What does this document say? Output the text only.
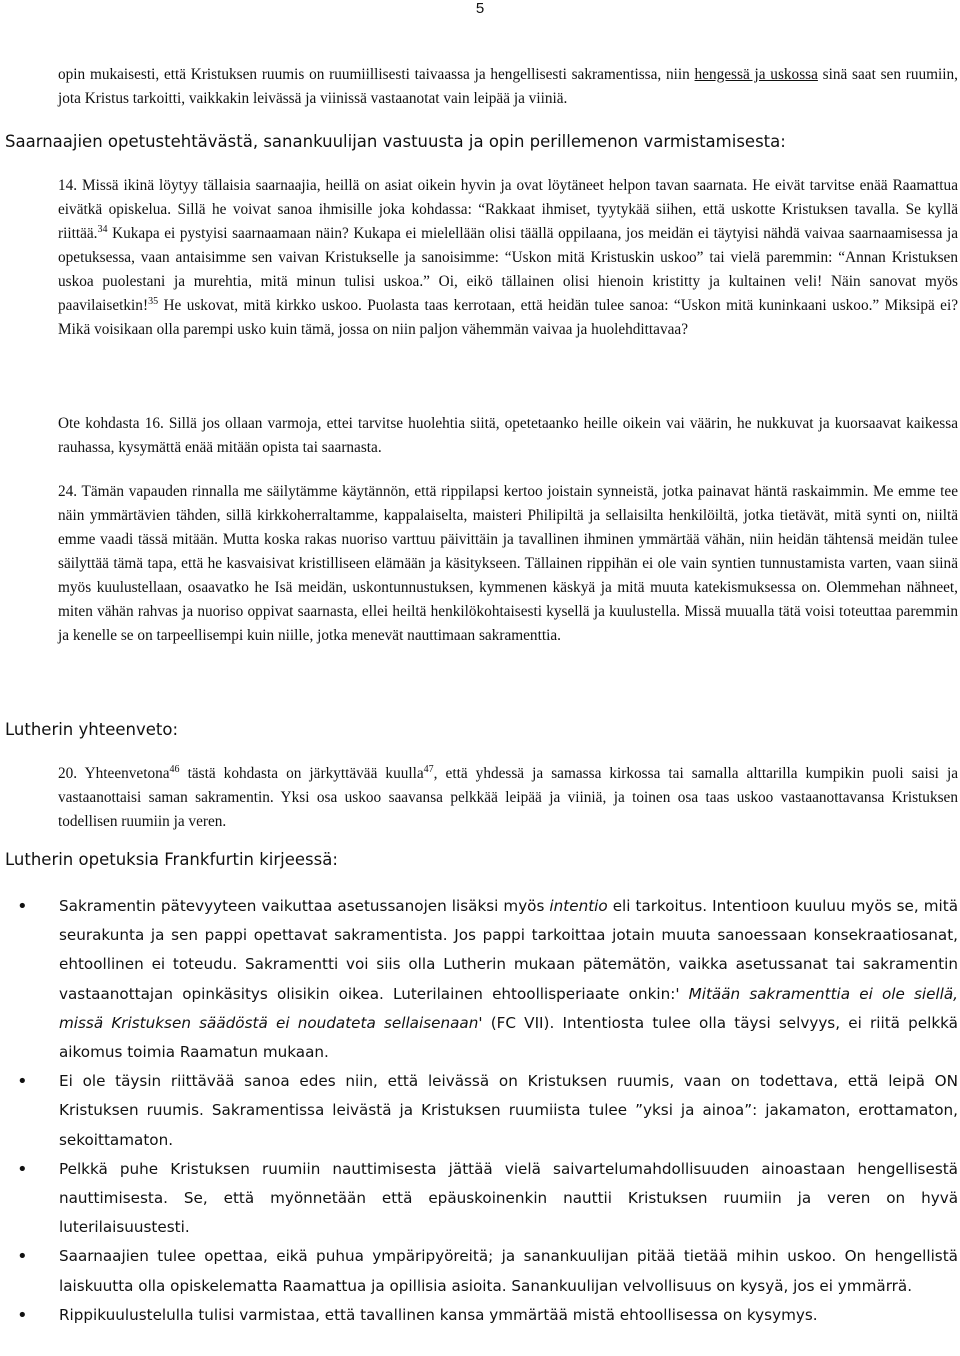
5
opin mukaisesti, että Kristuksen ruumis on ruumiillisesti taivaassa ja hengellisesti sakramentissa, niin hengessä ja uskossa sinä saat sen ruumiin, jota Kristus tarkoitti, vaikkakin leivässä ja viinissä vastaanotat vain leipää ja viiniä.
Saarnaajien opetustehtävästä, sanankuulijan vastuusta ja opin perillemenon varmistamisesta:
14. Missä ikinä löytyy tällaisia saarnaajia, heillä on asiat oikein hyvin ja ovat löytäneet helpon tavan saarnata. He eivät tarvitse enää Raamattua eivätkä opiskelua. Sillä he voivat sanoa ihmisille joka kohdassa: “Rakkaat ihmiset, tyytykää siihen, että uskotte Kristuksen tavalla. Se kyllä riittää.$^{34}$ Kukapa ei pystyisi saarnaamaan näin? Kukapa ei mielellään olisi täällä oppilaana, jos meidän ei täytyisi nähdä vaivaa saarnaamisessa ja opetuksessa, vaan antaisimme sen vaivan Kristukselle ja sanoisimme: “Uskon mitä Kristuskin uskoo” tai vielä paremmin: “Annan Kristuksen uskoa puolestani ja murehtia, mitä minun tulisi uskoa.” Oi, eikö tällainen olisi hienoin kristitty ja kultainen veli! Näin sanovat myös paavilaisetkin!$^{35}$ He uskovat, mitä kirkko uskoo. Puolasta taas kerrotaan, että heidän tulee sanoa: “Uskon mitä kuninkaani uskoo.” Miksipä ei? Mikä voisikaan olla parempi usko kuin tämä, jossa on niin paljon vähemmän vaivaa ja huolehdittavaa?
Ote kohdasta 16. Sillä jos ollaan varmoja, ettei tarvitse huolehtia siitä, opetetaanko heille oikein vai väärin, he nukkuvat ja kuorsaavat kaikessa rauhassa, kysymättä enää mitään opista tai saarnasta.
24. Tämän vapauden rinnalla me säilytämme käytännön, että rippilapsi kertoo joistain synneistä, jotka painavat häntä raskaimmin. Me emme tee näin ymmärtävien tähden, sillä kirkkoherraltamme, kappalaiselta, maisteri Philipiltä ja sellaisilta henkilöiltä, jotka tietävät, mitä synti on, niiltä emme vaadi tässä mitään. Mutta koska rakas nuoriso varttuu päivittäin ja tavallinen ihminen ymmärtää vähän, niin heidän tähtensä meidän tulee säilyttää tämä tapa, että he kasvaisivat kristilliseen elämään ja käsitykseen. Tällainen rippihän ei ole vain syntien tunnustamista varten, vaan siinä myös kuulustellaan, osaavatko he Isä meidän, uskontunnustuksen, kymmenen käskyä ja mitä muuta katekismuksessa on. Olemmehan nähneet, miten vähän rahvas ja nuoriso oppivat saarnasta, ellei heiltä henkilökohtaisesti kysellä ja kuulustella. Missä muualla tätä voisi toteuttaa paremmin ja kenelle se on tarpeellisempi kuin niille, jotka menevät nauttimaan sakramenttia.
Lutherin yhteenveto:
20. Yhteenvetona$^{46}$ tästä kohdasta on järkyttävää kuulla$^{47}$, että yhdessä ja samassa kirkossa tai samalla alttarilla kumpikin puoli saisi ja vastaanottaisi saman sakramentin. Yksi osa uskoo saavansa pelkkää leipää ja viiniä, ja toinen osa taas uskoo vastaanottavansa Kristuksen todellisen ruumiin ja veren.
Lutherin opetuksia Frankfurtin kirjeessä:
• Sakramentin pätevyyteen vaikuttaa asetussanojen lisäksi myös intentio eli tarkoitus. Intentioon kuuluu myös se, mitä seurakunta ja sen pappi opettavat sakramentista. Jos pappi tarkoittaa jotain muuta sanoessaan konsekraatiosanat, ehtoollinen ei toteudu. Sakramentti voi siis olla Lutherin mukaan pätemätön, vaikka asetussanat tai sakramentin vastaanottajan opinkäsitys olisikin oikea. Luterilainen ehtoollisperiaate onkin:' Mitään sakramenttia ei ole siellä, missä Kristuksen säädöstä ei noudateta sellaisenaan' (FC VII). Intentiosta tulee olla täysi selvyys, ei riitä pelkkä aikomus toimia Raamatun mukaan.
• Ei ole täysin riittävää sanoa edes niin, että leivässä on Kristuksen ruumis, vaan on todettava, että leipä ON Kristuksen ruumis. Sakramentissa leivästä ja Kristuksen ruumiista tulee ”yksi ja ainoa”: jakamaton, erottamaton, sekoittamaton.
• Pelkkä puhe Kristuksen ruumiin nauttimisesta jättää vielä saivartelumahdollisuuden ainoastaan hengellisestä nauttimisesta. Se, että myönnetään että epäuskoinenkin nauttii Kristuksen ruumiin ja veren on hyvä luterilaisuustesti.
• Saarnaajien tulee opettaa, eikä puhua ympäripyöreitä; ja sanankuulijan pitää tietää mihin uskoo. On hengellistä laiskuutta olla opiskelematta Raamattua ja opillisia asioita. Sanankuulijan velvollisuus on kysyä, jos ei ymmärrä.
• Rippikuulustelulla tulisi varmistaa, että tavallinen kansa ymmärtää mistä ehtoollisessa on kysymys.
